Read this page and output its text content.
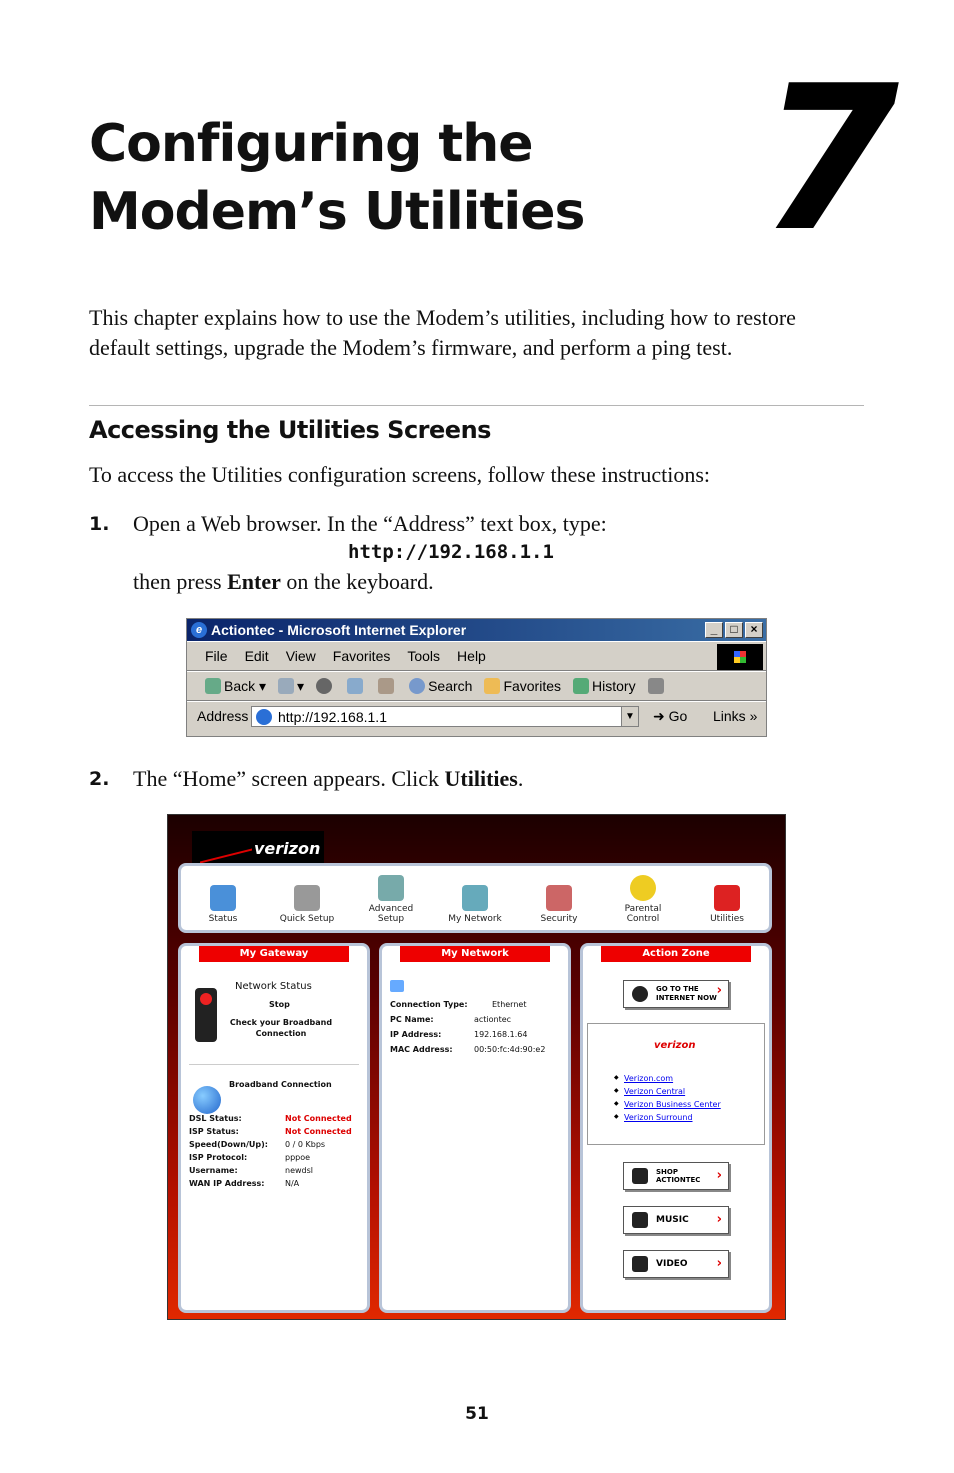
Configuring the
Modem’s Utilities 7

This chapter explains how to use the Modem’s utilities, including how to restore default settings, upgrade the Modem’s firmware, and perform a ping test.

Accessing the Utilities Screens

To access the Utilities configuration screens, follow these instructions:

1. Open a Web browser. In the “Address” text box, type:
http://192.168.1.1
then press Enter on the keyboard.
e Actiontec - Microsoft Internet Explorer	_	□	×
File Edit View Favorites Tools Help
Back ▾	▾	Search Favorites History
Address http://192.168.1.1	▼ ➜ Go Links »
2. The “Home” screen appears. Click Utilities.
verizon
Status	Quick Setup
Advanced Setup	My Network	Security
Parental Control	Utilities
My Gateway
Network Status
Stop
Check your Broadband Connection
Broadband Connection
DSL Status:	Not Connected
ISP Status:	Not Connected
Speed(Down/Up): 0 / 0 Kbps
ISP Protocol:	pppoe
Username:	newdsl
WAN IP Address:	N/A
My Network
Connection Type:	Ethernet
PC Name:	actiontec
IP Address:	192.168.1.64
MAC Address:	00:50:fc:4d:90:e2
Action Zone
GO TO THE INTERNET NOW ›
verizon
◆ Verizon.com
◆ Verizon Central
◆ Verizon Business Center
◆ Verizon Surround
SHOP ACTIONTEC	›
MUSIC ›
VIDEO ›
51
